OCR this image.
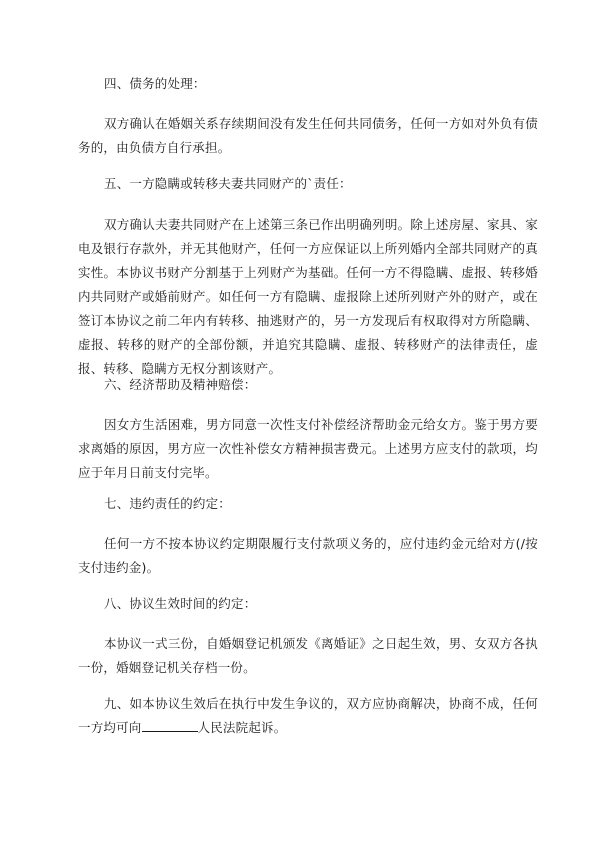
四、债务的处理：
双方确认在婚姻关系存续期间没有发生任何共同债务，任何一方如对外负有债务的，由负债方自行承担。
五、一方隐瞒或转移夫妻共同财产的`责任：
双方确认夫妻共同财产在上述第三条已作出明确列明。除上述房屋、家具、家电及银行存款外，并无其他财产，任何一方应保证以上所列婚内全部共同财产的真实性。本协议书财产分割基于上列财产为基础。任何一方不得隐瞒、虚报、转移婚内共同财产或婚前财产。如任何一方有隐瞒、虚报除上述所列财产外的财产，或在签订本协议之前二年内有转移、抽逃财产的，另一方发现后有权取得对方所隐瞒、虚报、转移的财产的全部份额，并追究其隐瞒、虚报、转移财产的法律责任，虚报、转移、隐瞒方无权分割该财产。
六、经济帮助及精神赔偿：
因女方生活困难，男方同意一次性支付补偿经济帮助金元给女方。鉴于男方要求离婚的原因，男方应一次性补偿女方精神损害费元。上述男方应支付的款项，均应于年月日前支付完毕。
七、违约责任的约定：
任何一方不按本协议约定期限履行支付款项义务的，应付违约金元给对方(/按支付违约金)。
八、协议生效时间的约定：
本协议一式三份，自婚姻登记机颁发《离婚证》之日起生效，男、女双方各执一份，婚姻登记机关存档一份。
九、如本协议生效后在执行中发生争议的，双方应协商解决，协商不成，任何一方均可向	人民法院起诉。
